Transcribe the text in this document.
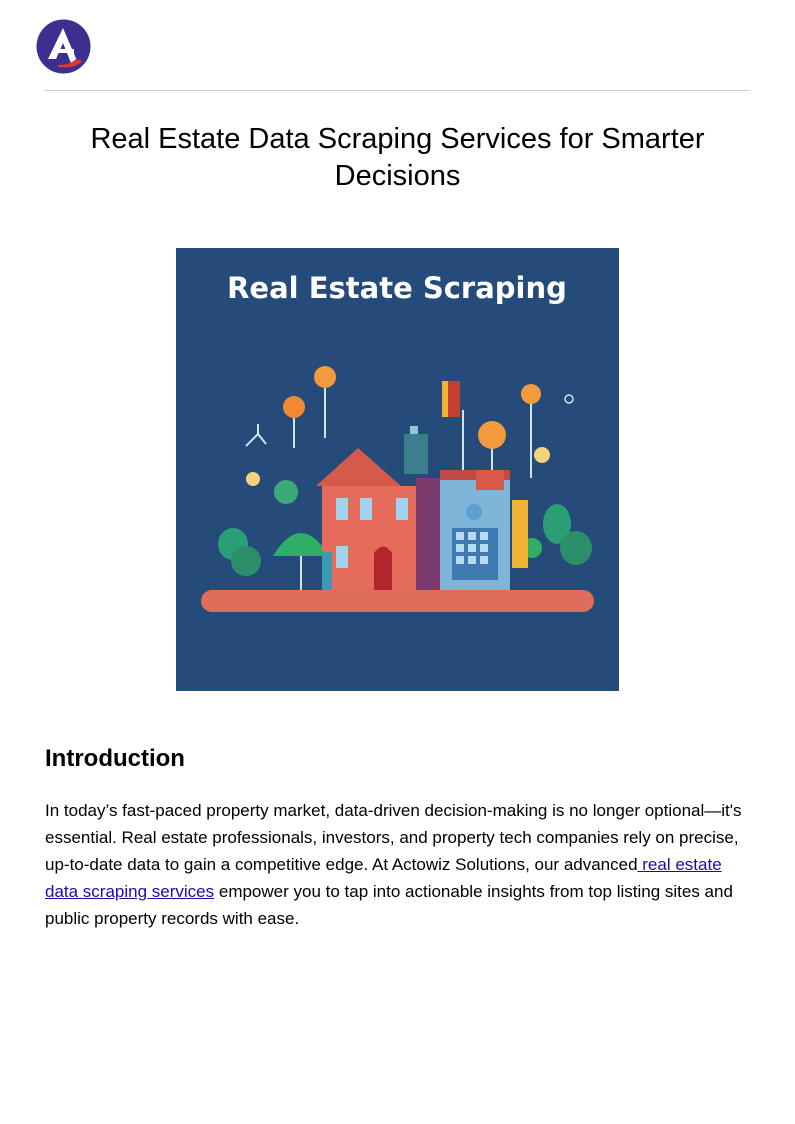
Real Estate Data Scraping Services for Smarter Decisions
Real Estate Scraping
Introduction

In today’s fast-paced property market, data-driven decision-making is no longer optional—it's essential. Real estate professionals, investors, and property tech companies rely on precise, up-to-date data to gain a competitive edge. At Actowiz Solutions, our advanced real estate data scraping services empower you to tap into actionable insights from top listing sites and public property records with ease.
